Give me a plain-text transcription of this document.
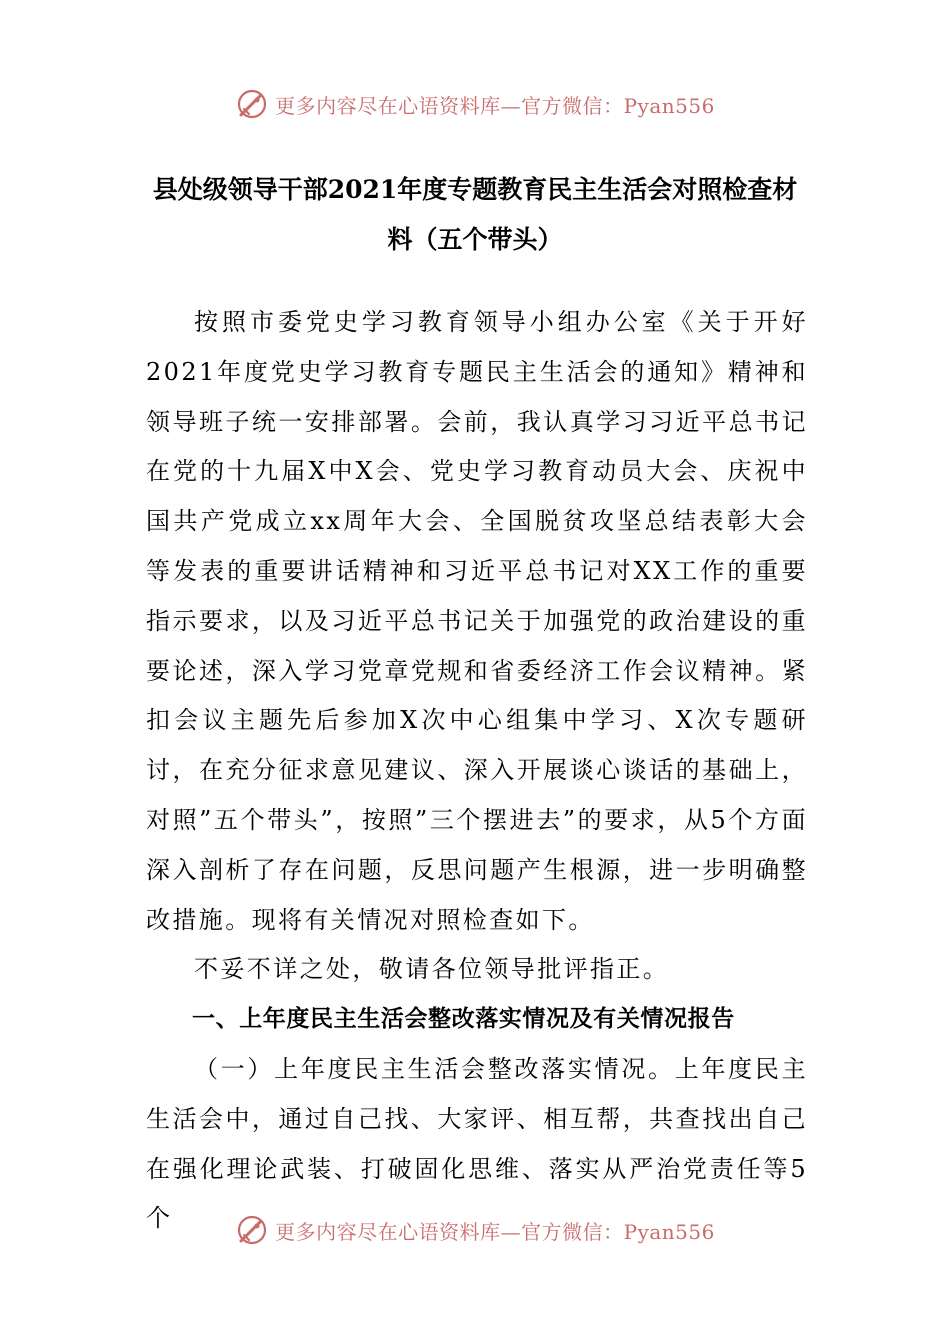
更多内容尽在心语资料库—官方微信：Pyan556
县处级领导干部2021年度专题教育民主生活会对照检查材
料（五个带头）

按照市委党史学习教育领导小组办公室《关于开好2021年度党史学习教育专题民主生活会的通知》精神和领导班子统一安排部署。会前，我认真学习习近平总书记在党的十九届X中X会、党史学习教育动员大会、庆祝中国共产党成立xx周年大会、全国脱贫攻坚总结表彰大会等发表的重要讲话精神和习近平总书记对XX工作的重要指示要求，以及习近平总书记关于加强党的政治建设的重要论述，深入学习党章党规和省委经济工作会议精神。紧扣会议主题先后参加X次中心组集中学习、X次专题研讨，在充分征求意见建议、深入开展谈心谈话的基础上，对照”五个带头”，按照”三个摆进去”的要求，从5个方面深入剖析了存在问题，反思问题产生根源，进一步明确整改措施。现将有关情况对照检查如下。

不妥不详之处，敬请各位领导批评指正。

一、上年度民主生活会整改落实情况及有关情况报告

（一）上年度民主生活会整改落实情况。上年度民主生活会中，通过自己找、大家评、相互帮，共查找出自己在强化理论武装、打破固化思维、落实从严治党责任等5个	更多内容尽在心语资料库—官方微信：Pyan556
